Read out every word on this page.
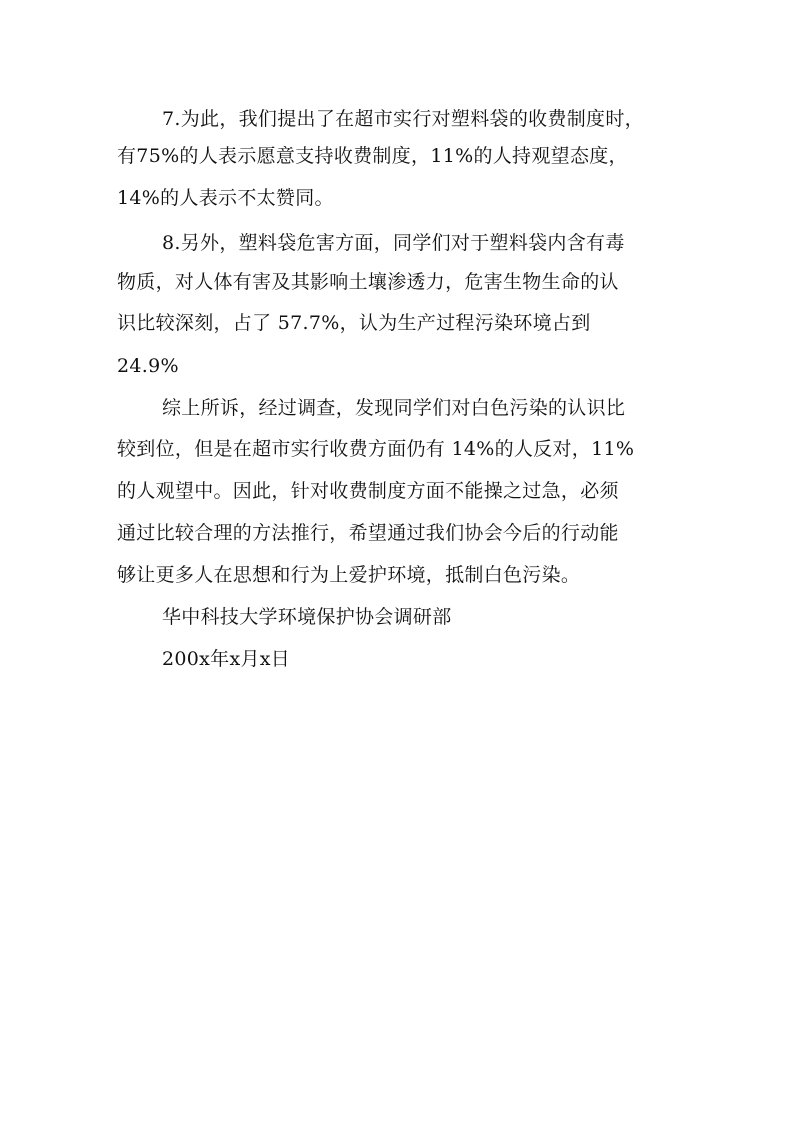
7.为此，我们提出了在超市实行对塑料袋的收费制度时，
有75%的人表示愿意支持收费制度，11%的人持观望态度，
14%的人表示不太赞同。
8.另外，塑料袋危害方面，同学们对于塑料袋内含有毒
物质，对人体有害及其影响土壤渗透力，危害生物生命的认
识比较深刻，占了 57.7%，认为生产过程污染环境占到
24.9%
综上所诉，经过调查，发现同学们对白色污染的认识比
较到位，但是在超市实行收费方面仍有 14%的人反对，11%
的人观望中。因此，针对收费制度方面不能操之过急，必须
通过比较合理的方法推行，希望通过我们协会今后的行动能
够让更多人在思想和行为上爱护环境，抵制白色污染。
华中科技大学环境保护协会调研部
200x年x月x日
